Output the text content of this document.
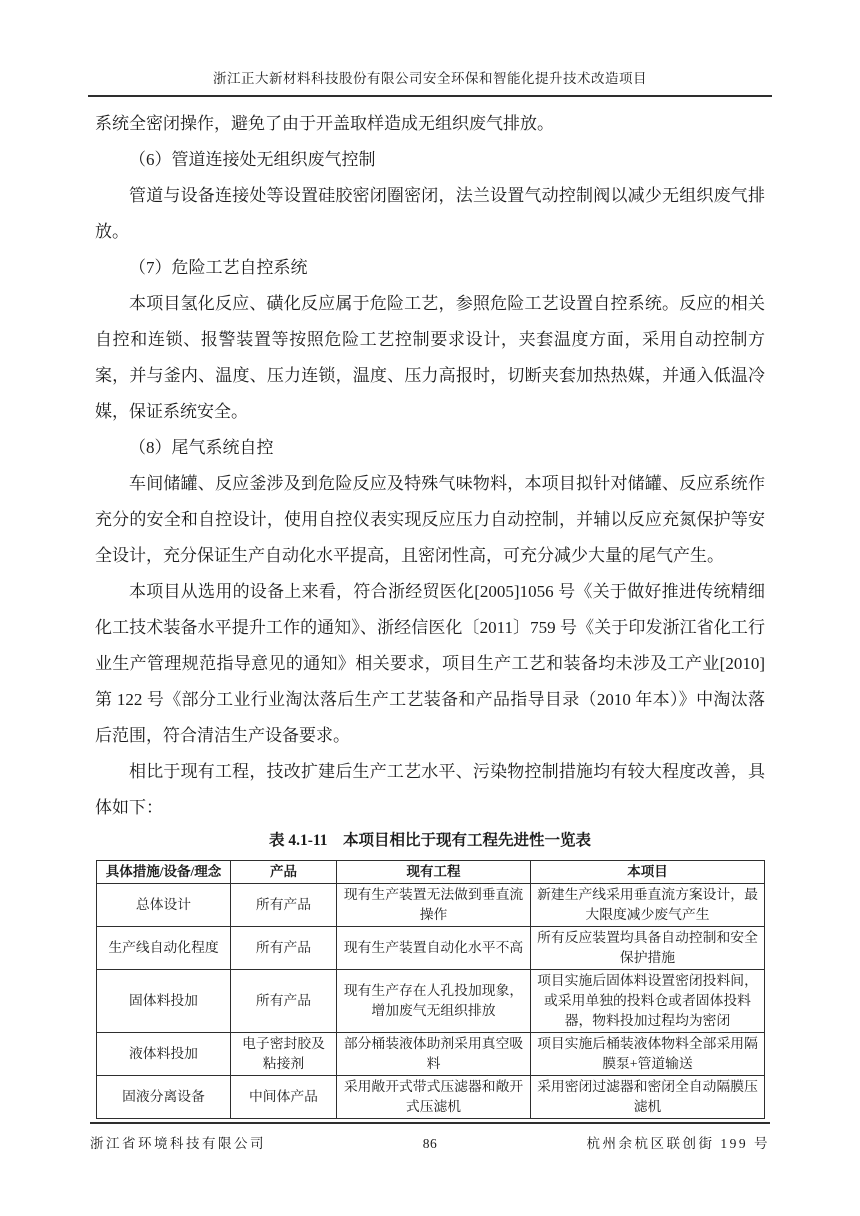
浙江正大新材料科技股份有限公司安全环保和智能化提升技术改造项目

系统全密闭操作，避免了由于开盖取样造成无组织废气排放。

（6）管道连接处无组织废气控制

管道与设备连接处等设置硅胶密闭圈密闭，法兰设置气动控制阀以减少无组织废气排放。

（7）危险工艺自控系统

本项目氢化反应、磺化反应属于危险工艺，参照危险工艺设置自控系统。反应的相关自控和连锁、报警装置等按照危险工艺控制要求设计，夹套温度方面，采用自动控制方案，并与釜内、温度、压力连锁，温度、压力高报时，切断夹套加热热媒，并通入低温冷媒，保证系统安全。

（8）尾气系统自控

车间储罐、反应釜涉及到危险反应及特殊气味物料，本项目拟针对储罐、反应系统作充分的安全和自控设计，使用自控仪表实现反应压力自动控制，并辅以反应充氮保护等安全设计，充分保证生产自动化水平提高，且密闭性高，可充分减少大量的尾气产生。

本项目从选用的设备上来看，符合浙经贸医化[2005]1056 号《关于做好推进传统精细化工技术装备水平提升工作的通知》、浙经信医化〔2011〕759 号《关于印发浙江省化工行业生产管理规范指导意见的通知》相关要求，项目生产工艺和装备均未涉及工产业[2010]第 122 号《部分工业行业淘汰落后生产工艺装备和产品指导目录（2010 年本）》中淘汰落后范围，符合清洁生产设备要求。

相比于现有工程，技改扩建后生产工艺水平、污染物控制措施均有较大程度改善，具体如下：

表 4.1-11　本项目相比于现有工程先进性一览表
具体措施/设备/理念	产品	现有工程	本项目
总体设计	所有产品	现有生产装置无法做到垂直流操作	新建生产线采用垂直流方案设计，最大限度减少废气产生
生产线自动化程度	所有产品	现有生产装置自动化水平不高	所有反应装置均具备自动控制和安全保护措施
固体料投加	所有产品	现有生产存在人孔投加现象，增加废气无组织排放	项目实施后固体料设置密闭投料间，或采用单独的投料仓或者固体投料器，物料投加过程均为密闭
液体料投加	电子密封胶及粘接剂	部分桶装液体助剂采用真空吸料	项目实施后桶装液体物料全部采用隔膜泵+管道输送
固液分离设备	中间体产品	采用敞开式带式压滤器和敞开式压滤机	采用密闭过滤器和密闭全自动隔膜压滤机
浙江省环境科技有限公司	86	杭州余杭区联创街 199 号
